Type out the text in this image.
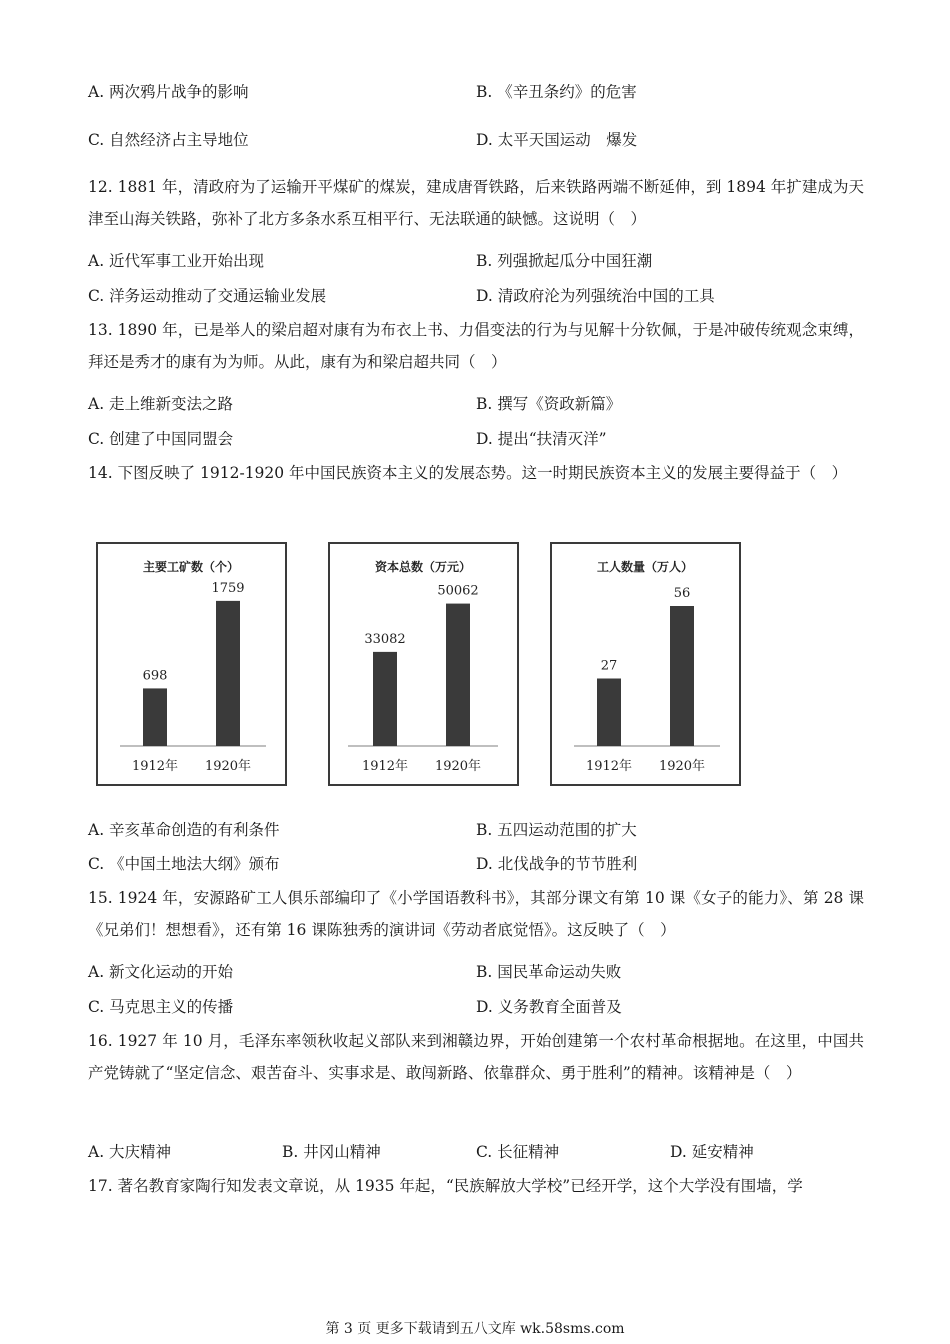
A. 两次鸦片战争的影响	B. 《辛丑条约》的危害
C. 自然经济占主导地位	D. 太平天国运动　爆发
12. 1881 年，清政府为了运输开平煤矿的煤炭，建成唐胥铁路，后来铁路两端不断延伸，到 1894 年扩建成为天津至山海关铁路，弥补了北方多条水系互相平行、无法联通的缺憾。这说明（　）
A. 近代军事工业开始出现	B. 列强掀起瓜分中国狂潮
C. 洋务运动推动了交通运输业发展	D. 清政府沦为列强统治中国的工具
13. 1890 年，已是举人的梁启超对康有为布衣上书、力倡变法的行为与见解十分钦佩，于是冲破传统观念束缚，拜还是秀才的康有为为师。从此，康有为和梁启超共同（　）
A. 走上维新变法之路	B. 撰写《资政新篇》
C. 创建了中国同盟会	D. 提出“扶清灭洋”
14. 下图反映了 1912-1920 年中国民族资本主义的发展态势。这一时期民族资本主义的发展主要得益于（　）
主要工矿数（个）
698
1759
1912年 1920年
资本总数（万元）
33082
50062
1912年 1920年
工人数量（万人）
27
56
1912年 1920年
A. 辛亥革命创造的有利条件	B. 五四运动范围的扩大
C. 《中国土地法大纲》颁布	D. 北伐战争的节节胜利
15. 1924 年，安源路矿工人俱乐部编印了《小学国语教科书》，其部分课文有第 10 课《女子的能力》、第 28 课《兄弟们！想想看》，还有第 16 课陈独秀的演讲词《劳动者底觉悟》。这反映了（　）
A. 新文化运动的开始	B. 国民革命运动失败
C. 马克思主义的传播	D. 义务教育全面普及
16. 1927 年 10 月，毛泽东率领秋收起义部队来到湘赣边界，开始创建第一个农村革命根据地。在这里，中国共产党铸就了“坚定信念、艰苦奋斗、实事求是、敢闯新路、依靠群众、勇于胜利”的精神。该精神是（　）
A. 大庆精神	B. 井冈山精神	C. 长征精神	D. 延安精神
17. 著名教育家陶行知发表文章说，从 1935 年起，“民族解放大学校”已经开学，这个大学没有围墙，学
第 3 页 更多下载请到五八文库 wk.58sms.com
